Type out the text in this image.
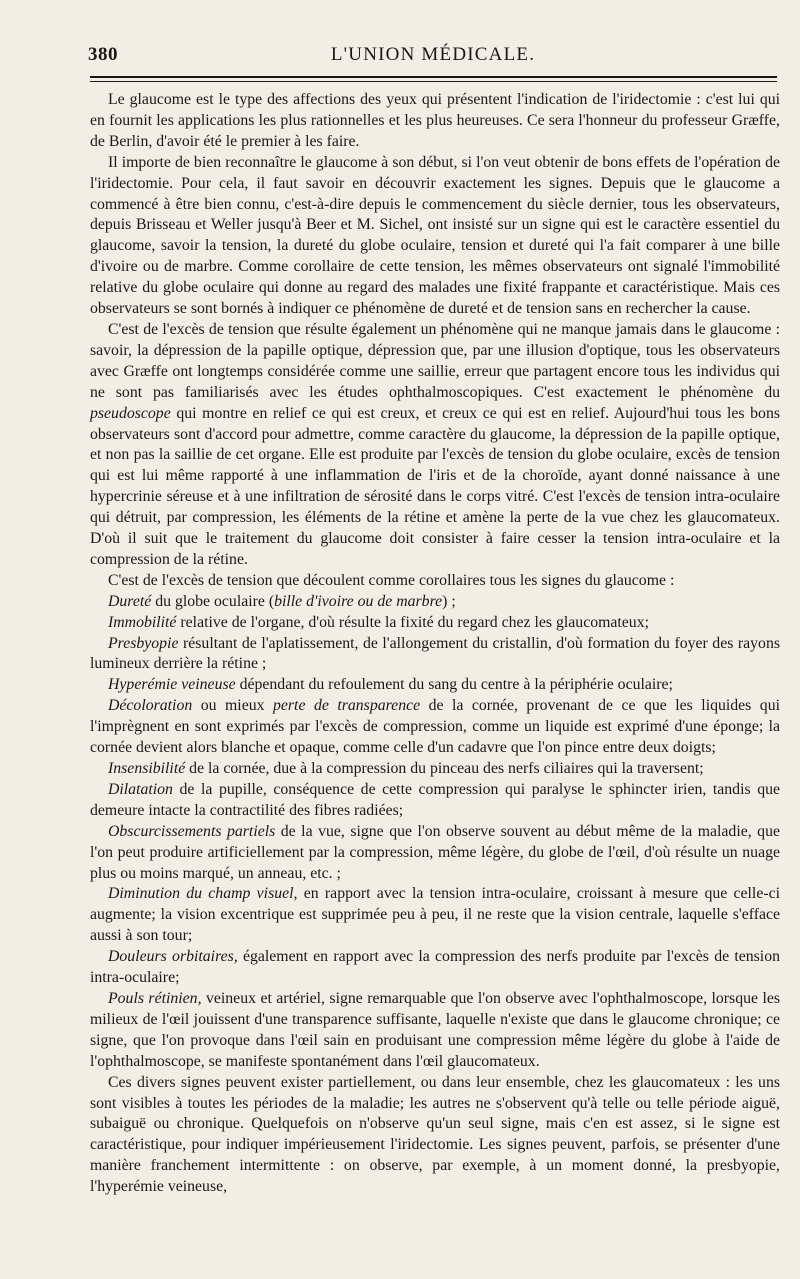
380	L'UNION MÉDICALE.

Le glaucome est le type des affections des yeux qui présentent l'indication de l'iridectomie : c'est lui qui en fournit les applications les plus rationnelles et les plus heureuses. Ce sera l'honneur du professeur Græffe, de Berlin, d'avoir été le premier à les faire.

Il importe de bien reconnaître le glaucome à son début, si l'on veut obtenir de bons effets de l'opération de l'iridectomie. Pour cela, il faut savoir en découvrir exactement les signes. Depuis que le glaucome a commencé à être bien connu, c'est-à-dire depuis le commencement du siècle dernier, tous les observateurs, depuis Brisseau et Weller jusqu'à Beer et M. Sichel, ont insisté sur un signe qui est le caractère essentiel du glaucome, savoir la tension, la dureté du globe oculaire, tension et dureté qui l'a fait comparer à une bille d'ivoire ou de marbre. Comme corollaire de cette tension, les mêmes observateurs ont signalé l'immobilité relative du globe oculaire qui donne au regard des malades une fixité frappante et caractéristique. Mais ces observateurs se sont bornés à indiquer ce phénomène de dureté et de tension sans en rechercher la cause.

C'est de l'excès de tension que résulte également un phénomène qui ne manque jamais dans le glaucome : savoir, la dépression de la papille optique, dépression que, par une illusion d'optique, tous les observateurs avec Græffe ont longtemps considérée comme une saillie, erreur que partagent encore tous les individus qui ne sont pas familiarisés avec les études ophthalmoscopiques. C'est exactement le phénomène du pseudoscope qui montre en relief ce qui est creux, et creux ce qui est en relief. Aujourd'hui tous les bons observateurs sont d'accord pour admettre, comme caractère du glaucome, la dépression de la papille optique, et non pas la saillie de cet organe. Elle est produite par l'excès de tension du globe oculaire, excès de tension qui est lui même rapporté à une inflammation de l'iris et de la choroïde, ayant donné naissance à une hypercrinie séreuse et à une infiltration de sérosité dans le corps vitré. C'est l'excès de tension intra-oculaire qui détruit, par compression, les éléments de la rétine et amène la perte de la vue chez les glaucomateux. D'où il suit que le traitement du glaucome doit consister à faire cesser la tension intra-oculaire et la compression de la rétine.

C'est de l'excès de tension que découlent comme corollaires tous les signes du glaucome :

Dureté du globe oculaire (bille d'ivoire ou de marbre) ;

Immobilité relative de l'organe, d'où résulte la fixité du regard chez les glaucomateux;

Presbyopie résultant de l'aplatissement, de l'allongement du cristallin, d'où formation du foyer des rayons lumineux derrière la rétine ;

Hyperémie veineuse dépendant du refoulement du sang du centre à la périphérie oculaire;

Décoloration ou mieux perte de transparence de la cornée, provenant de ce que les liquides qui l'imprègnent en sont exprimés par l'excès de compression, comme un liquide est exprimé d'une éponge; la cornée devient alors blanche et opaque, comme celle d'un cadavre que l'on pince entre deux doigts;

Insensibilité de la cornée, due à la compression du pinceau des nerfs ciliaires qui la traversent;

Dilatation de la pupille, conséquence de cette compression qui paralyse le sphincter irien, tandis que demeure intacte la contractilité des fibres radiées;

Obscurcissements partiels de la vue, signe que l'on observe souvent au début même de la maladie, que l'on peut produire artificiellement par la compression, même légère, du globe de l'œil, d'où résulte un nuage plus ou moins marqué, un anneau, etc. ;

Diminution du champ visuel, en rapport avec la tension intra-oculaire, croissant à mesure que celle-ci augmente; la vision excentrique est supprimée peu à peu, il ne reste que la vision centrale, laquelle s'efface aussi à son tour;

Douleurs orbitaires, également en rapport avec la compression des nerfs produite par l'excès de tension intra-oculaire;

Pouls rétinien, veineux et artériel, signe remarquable que l'on observe avec l'ophthalmoscope, lorsque les milieux de l'œil jouissent d'une transparence suffisante, laquelle n'existe que dans le glaucome chronique; ce signe, que l'on provoque dans l'œil sain en produisant une compression même légère du globe à l'aide de l'ophthalmoscope, se manifeste spontanément dans l'œil glaucomateux.

Ces divers signes peuvent exister partiellement, ou dans leur ensemble, chez les glaucomateux : les uns sont visibles à toutes les périodes de la maladie; les autres ne s'observent qu'à telle ou telle période aiguë, subaiguë ou chronique. Quelquefois on n'observe qu'un seul signe, mais c'en est assez, si le signe est caractéristique, pour indiquer impérieusement l'iridectomie. Les signes peuvent, parfois, se présenter d'une manière franchement intermittente : on observe, par exemple, à un moment donné, la presbyopie, l'hyperémie veineuse,
